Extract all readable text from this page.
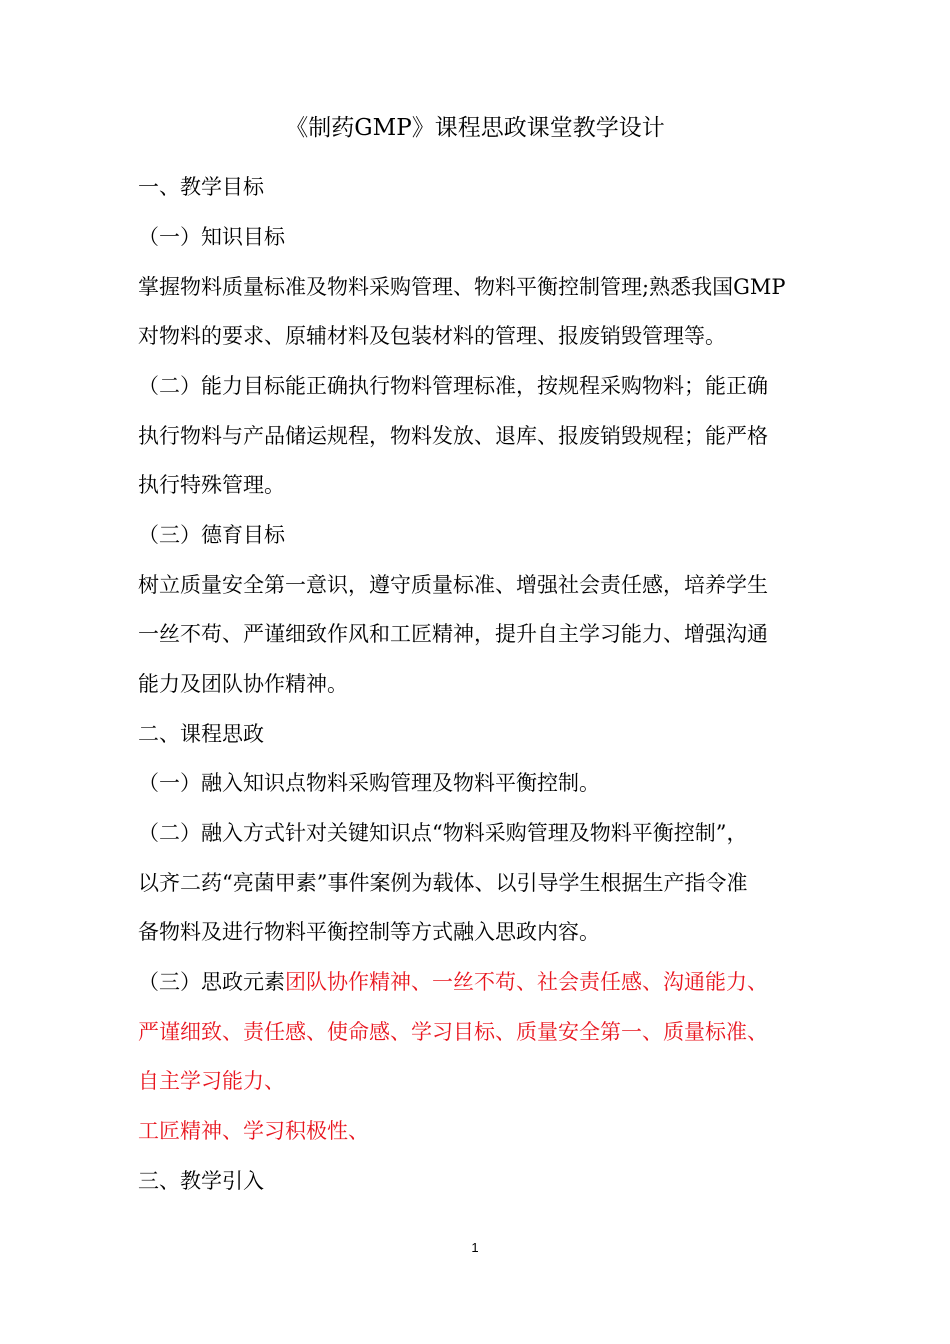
《制药GMP》课程思政课堂教学设计
一、教学目标
（一）知识目标
掌握物料质量标准及物料采购管理、物料平衡控制管理;熟悉我国GMP
对物料的要求、原辅材料及包装材料的管理、报废销毁管理等。
（二）能力目标能正确执行物料管理标准，按规程采购物料；能正确
执行物料与产品储运规程，物料发放、退库、报废销毁规程；能严格
执行特殊管理。
（三）德育目标
树立质量安全第一意识，遵守质量标准、增强社会责任感，培养学生
一丝不苟、严谨细致作风和工匠精神，提升自主学习能力、增强沟通
能力及团队协作精神。
二、课程思政
（一）融入知识点物料采购管理及物料平衡控制。
（二）融入方式针对关键知识点“物料采购管理及物料平衡控制”，
以齐二药“亮菌甲素”事件案例为载体、以引导学生根据生产指令准
备物料及进行物料平衡控制等方式融入思政内容。
（三）思政元素团队协作精神、一丝不苟、社会责任感、沟通能力、
严谨细致、责任感、使命感、学习目标、质量安全第一、质量标准、
自主学习能力、
工匠精神、学习积极性、
三、教学引入
1
